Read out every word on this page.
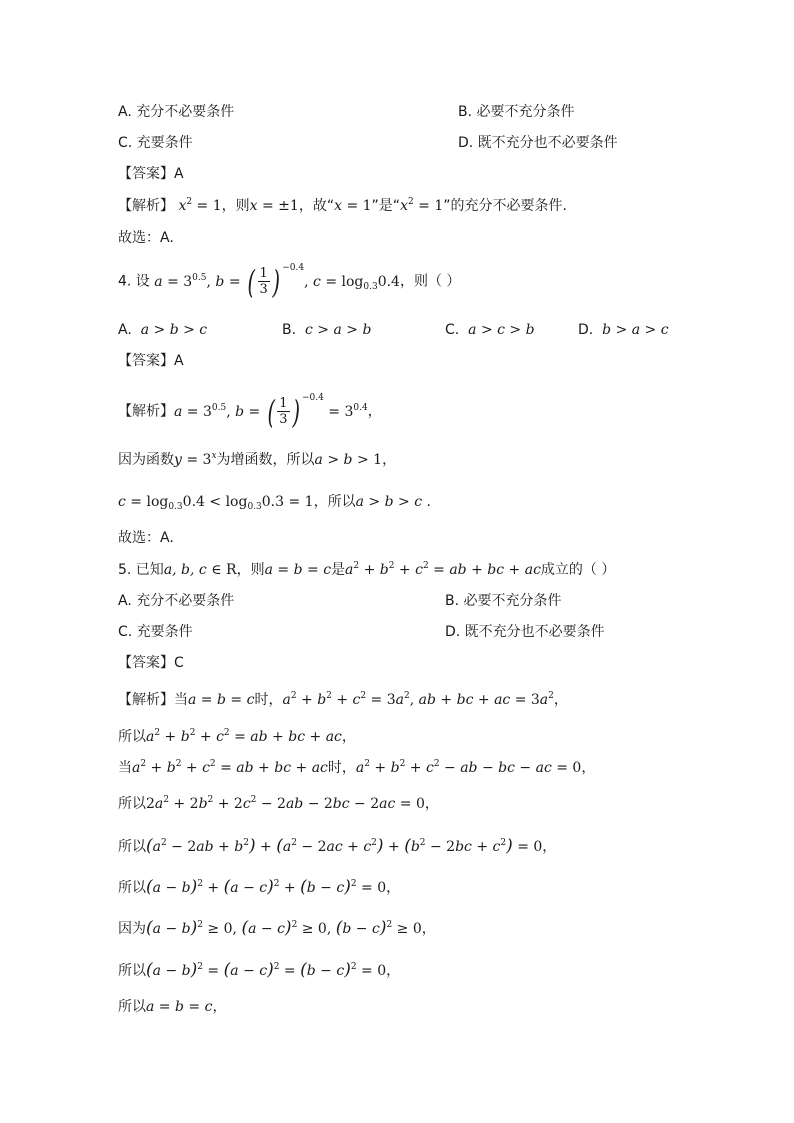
A. 充分不必要条件	B. 必要不充分条件
C. 充要条件	D. 既不充分也不必要条件
【答案】A
【解析】 $x^2 = 1$，则x = ±1，故“x = 1”是“$x^2 = 1$”的充分不必要条件.
故选：A.
4. 设 $a = 3^{0.5}$, b = ( $\frac{1}{3}$ ) $^{-0.4}$, $c = \log_{0.3}0.4$，则（ ）
A. a > b > c	B. c > a > b	C. a > c > b	D. b > a > c
【答案】A
【解析】$a = 3^{0.5}$, b = ( $\frac{1}{3}$ ) $^{-0.4} = 3^{0.4}$，
因为函数$y = 3^x$为增函数，所以a > b > 1，
$c = \log_{0.3}0.4 < \log_{0.3}0.3 = 1$，所以a > b > c .
故选：A.
5. 已知a, b, c ∈ R，则a = b = c是$a^2 + b^2 + c^2$ = ab + bc + ac成立的（ ）
A. 充分不必要条件	B. 必要不充分条件
C. 充要条件	D. 既不充分也不必要条件
【答案】C
【解析】当a = b = c时，$a^2 + b^2 + c^2 = 3a^2$, ab + bc + ac = $3a^2$，
所以$a^2 + b^2 + c^2$ = ab + bc + ac，
当$a^2 + b^2 + c^2$ = ab + bc + ac时，$a^2 + b^2 + c^2$ − ab − bc − ac = 0，
所以$2a^2 + 2b^2 + 2c^2 - 2ab - 2bc - 2ac = 0$，
所以$(a^2 - 2ab + b^2) + (a^2 - 2ac + c^2) + (b^2 - 2bc + c^2) = 0$，
所以$(a - b)^2 + (a - c)^2 + (b - c)^2 = 0$，
因为$(a - b)^2 \ge 0$, $(a - c)^2 \ge 0$, $(b - c)^2 \ge 0$，
所以$(a - b)^2 = (a - c)^2 = (b - c)^2 = 0$，
所以a = b = c，
